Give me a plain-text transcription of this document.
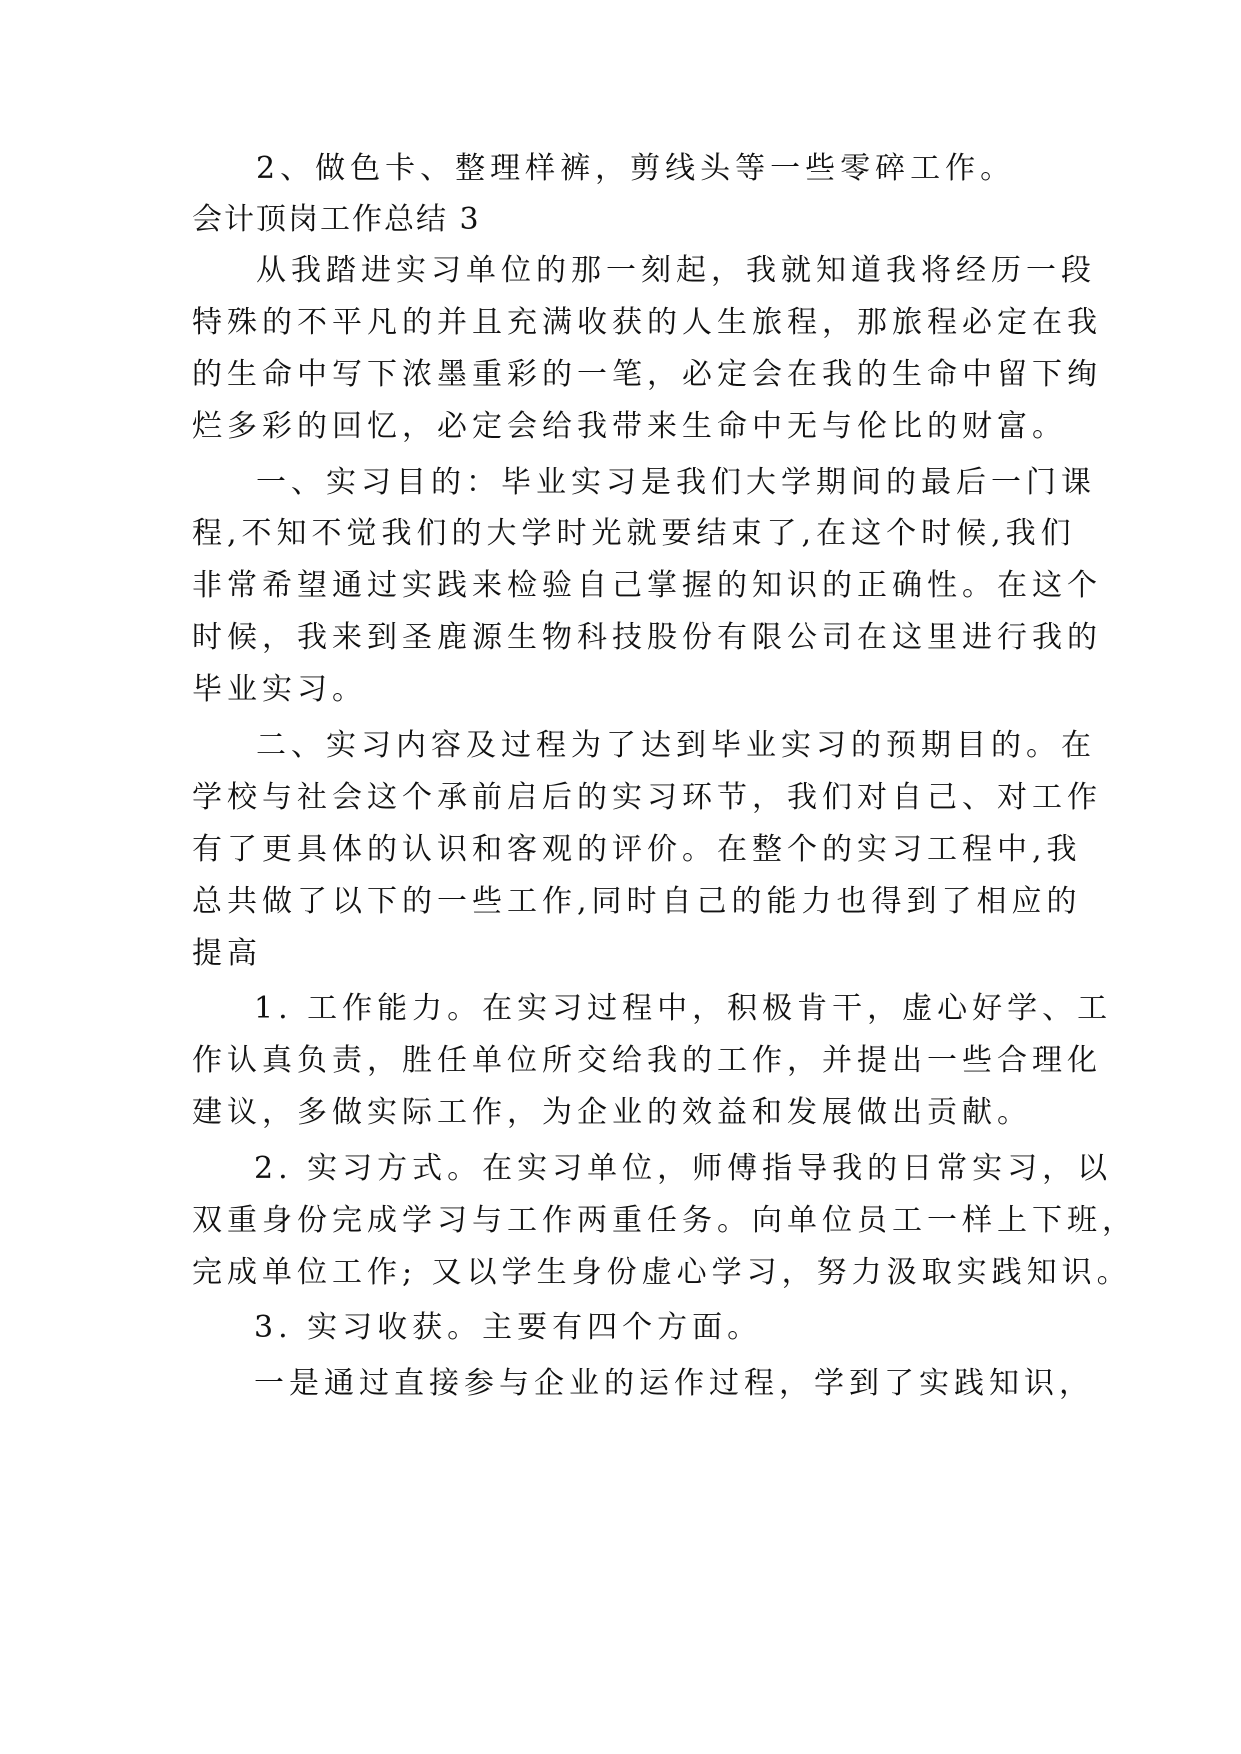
2、做色卡、整理样裤，剪线头等一些零碎工作。
会计顶岗工作总结 3
从我踏进实习单位的那一刻起，我就知道我将经历一段
特殊的不平凡的并且充满收获的人生旅程，那旅程必定在我
的生命中写下浓墨重彩的一笔，必定会在我的生命中留下绚
烂多彩的回忆，必定会给我带来生命中无与伦比的财富。
一、实习目的：毕业实习是我们大学期间的最后一门课
程,不知不觉我们的大学时光就要结束了,在这个时候,我们
非常希望通过实践来检验自己掌握的知识的正确性。在这个
时候，我来到圣鹿源生物科技股份有限公司在这里进行我的
毕业实习。
二、实习内容及过程为了达到毕业实习的预期目的。在
学校与社会这个承前启后的实习环节，我们对自己、对工作
有了更具体的认识和客观的评价。在整个的实习工程中,我
总共做了以下的一些工作,同时自己的能力也得到了相应的
提高
1. 工作能力。在实习过程中，积极肯干，虚心好学、工
作认真负责，胜任单位所交给我的工作，并提出一些合理化
建议，多做实际工作，为企业的效益和发展做出贡献。
2. 实习方式。在实习单位，师傅指导我的日常实习，以
双重身份完成学习与工作两重任务。向单位员工一样上下班，
完成单位工作; 又以学生身份虚心学习，努力汲取实践知识。
3. 实习收获。主要有四个方面。
一是通过直接参与企业的运作过程，学到了实践知识，
